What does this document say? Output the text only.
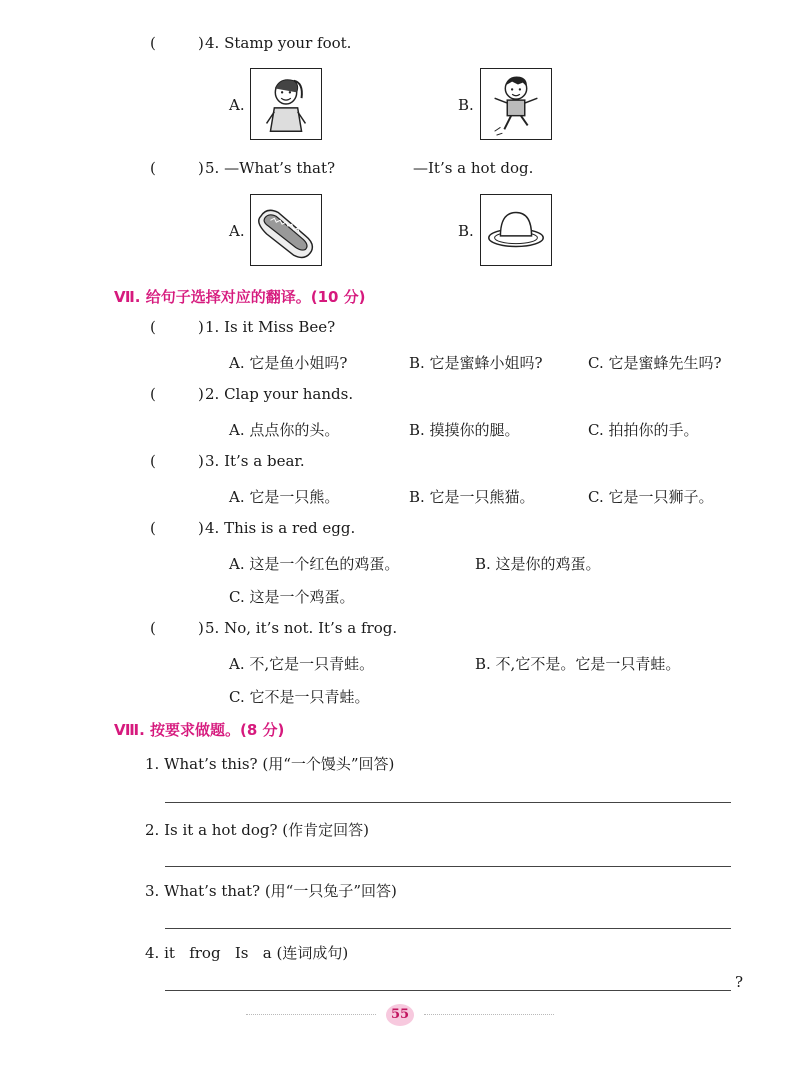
(	) 4. Stamp your foot.
A.	B.
(	) 5. —What’s that?	—It’s a hot dog.
A.	B.
Ⅶ. 给句子选择对应的翻译。(10 分)
(	) 1. Is it Miss Bee?
A. 它是鱼小姐吗?	B. 它是蜜蜂小姐吗?	C. 它是蜜蜂先生吗?
(	) 2. Clap your hands.
A. 点点你的头。	B. 摸摸你的腿。	C. 拍拍你的手。
(	) 3. It’s a bear.
A. 它是一只熊。	B. 它是一只熊猫。	C. 它是一只狮子。
(	) 4. This is a red egg.
A. 这是一个红色的鸡蛋。	B. 这是你的鸡蛋。
C. 这是一个鸡蛋。
(	) 5. No, it’s not. It’s a frog.
A. 不,它是一只青蛙。	B. 不,它不是。它是一只青蛙。
C. 它不是一只青蛙。
Ⅷ. 按要求做题。(8 分)
1. What’s this? (用“一个馒头”回答)
2. Is it a hot dog? (作肯定回答)
3. What’s that? (用“一只兔子”回答)
4. it   frog   Is   a (连词成句)
?
55
